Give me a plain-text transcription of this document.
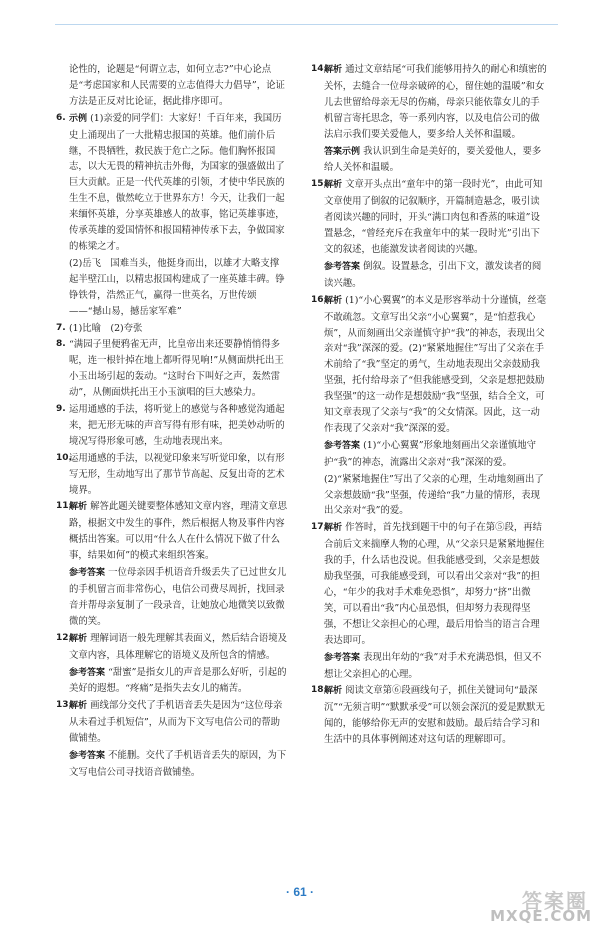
论性的，论题是“何谓立志，如何立志?”中心论点是“考虑国家和人民需要的立志值得大力倡导”，论证方法是正反对比论证，据此排序即可。
6. 示例 (1)亲爱的同学们：大家好！千百年来，我国历史上涌现出了一大批精忠报国的英雄。他们前仆后继，不畏牺牲，救民族于危亡之际。他们胸怀报国志，以大无畏的精神抗击外侮，为国家的强盛做出了巨大贡献。正是一代代英雄的引领，才使中华民族的生生不息，傲然屹立于世界东方！今天，让我们一起来缅怀英雄，分享英雄感人的故事，铭记英雄事迹，传承英雄的爱国情怀和报国精神传承下去，争做国家的栋梁之才。
(2)岳飞　国难当头，他挺身而出，以雄才大略支撑起半壁江山，以精忠报国构建成了一座英雄丰碑。铮铮铁骨，浩然正气，赢得一世英名，万世传颂——“撼山易，撼岳家军难”
7. (1)比喻　(2)夸张
8. “满园子里便鸦雀无声，比皇帝出来还要静悄悄得多呢，连一根针掉在地上都听得见响!”从侧面烘托出王小玉出场引起的轰动。“这时台下叫好之声，轰然雷动”，从侧面烘托出王小玉演唱的巨大感染力。
9. 运用通感的手法，将听觉上的感觉与各种感觉沟通起来，把无形无味的声音写得有形有味，把美妙动听的境况写得形象可感，生动地表现出来。
10.
运用通感的手法，以视觉印象来写听觉印象，以有形写无形，生动地写出了那节节高起、反复出奇的艺术境界。
11.
解析 解答此题关键要整体感知文章内容，理清文章思路，根据文中发生的事件，然后根据人物及事件内容概括出答案。可以用“什么人在什么情况下做了什么事，结果如何”的模式来组织答案。
参考答案 一位母亲因手机语音升级丢失了已过世女儿的手机留言而非常伤心，电信公司费尽周折，找回录音并帮母亲复制了一段录音，让她放心地微笑以致微微的笑。
12.
解析 理解词语一般先理解其表面义，然后结合语境及文章内容，具体理解它的语境义及所包含的情感。
参考答案 “甜蜜”是指女儿的声音是那么好听，引起的美好的遐想。“疼痛”是指失去女儿的痛苦。
13.
解析 画线部分交代了手机语音丢失是因为“这位母亲从未看过手机短信”，从而为下文写电信公司的帮助做铺垫。
参考答案 不能删。交代了手机语音丢失的原因，为下文写电信公司寻找语音做铺垫。
14.
解析 通过文章结尾“可我们能够用持久的耐心和缜密的关怀，去缝合一位母亲破碎的心，留住她的温暖”和女儿去世留给母亲无尽的伤痛，母亲只能依靠女儿的手机留言寄托思念，等一系列内容，以及电信公司的做法启示我们要关爱他人，要多给人关怀和温暖。
答案示例 我认识到生命是美好的，要关爱他人，要多给人关怀和温暖。
15.
解析 文章开头点出“童年中的第一段时光”，由此可知文章使用了倒叙的记叙顺序，开篇制造悬念，吸引读者阅读兴趣的同时，开头“满口肉包和香蒸的味道”设置悬念，“曾经充斥在我童年中的某一段时光”引出下文的叙述，也能激发读者阅读的兴趣。
参考答案 倒叙。设置悬念，引出下文，激发读者的阅读兴趣。
16.
解析 (1)“小心翼翼”的本义是形容举动十分谨慎，丝毫不敢疏忽。文章写出父亲“小心翼翼”，是“怕惹我心烦”，从而刻画出父亲谨慎守护“我”的神态，表现出父亲对“我”深深的爱。(2)“紧紧地握住”写出了父亲在手术前给了“我”坚定的勇气，生动地表现出父亲鼓励我坚强，托付给母亲了“但我能感受到，父亲是想把鼓励我坚强”的这一动作是想鼓励“我”坚强，结合全文，可知文章表现了父亲与“我”的父女情深。因此，这一动作表现了父亲对“我”深深的爱。
参考答案 (1)“小心翼翼”形象地刻画出父亲谨慎地守护“我”的神态，流露出父亲对“我”深深的爱。
(2)“紧紧地握住”写出了父亲的心理，生动地刻画出了父亲想鼓励“我”坚强，传递给“我”力量的情形，表现出父亲对“我”的爱。
17.
解析 作答时，首先找到题干中的句子在第⑤段，再结合前后文来揣摩人物的心理，从“父亲只是紧紧地握住我的手，什么话也没说。但我能感受到，父亲是想鼓励我坚强，可我能感受到，可以看出父亲对“我”的担心，“年少的我对手术难免恐惧”，却努力“挤”出微笑，可以看出“我”内心虽恐惧，但却努力表现得坚强，不想让父亲担心的心理，最后用恰当的语言合理表达即可。
参考答案 表现出年幼的“我”对手术充满恐惧，但又不想让父亲担心的心理。
18.
解析 阅读文章第⑥段画线句子，抓住关键词句“最深沉”“无须言明”“默默承受”可以领会深沉的爱是默默无闻的，能够给你无声的安慰和鼓励。最后结合学习和生活中的具体事例阐述对这句话的理解即可。
· 61 ·	答案圈
MXQE.COM
